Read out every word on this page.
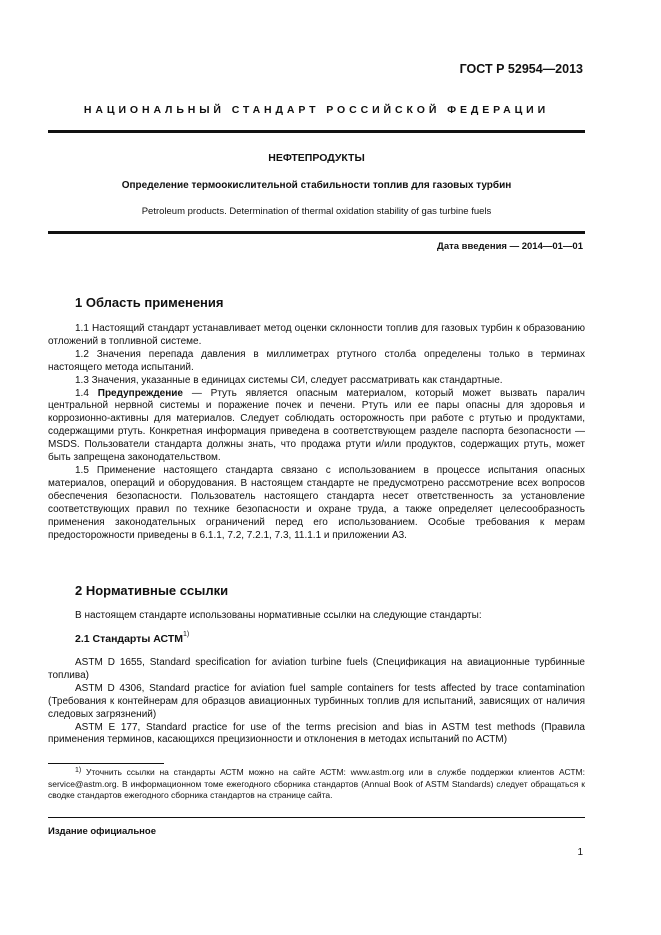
ГОСТ Р 52954—2013
НАЦИОНАЛЬНЫЙ СТАНДАРТ РОССИЙСКОЙ ФЕДЕРАЦИИ
НЕФТЕПРОДУКТЫ
Определение термоокислительной стабильности топлив для газовых турбин
Petroleum products. Determination of thermal oxidation stability of gas turbine fuels
Дата введения — 2014—01—01
1 Область применения

1.1 Настоящий стандарт устанавливает метод оценки склонности топлив для газовых турбин к образованию отложений в топливной системе.

1.2 Значения перепада давления в миллиметрах ртутного столба определены только в терминах настоящего метода испытаний.

1.3 Значения, указанные в единицах системы СИ, следует рассматривать как стандартные.

1.4 Предупреждение — Ртуть является опасным материалом, который может вызвать паралич центральной нервной системы и поражение почек и печени. Ртуть или ее пары опасны для здоровья и коррозионно-активны для материалов. Следует соблюдать осторожность при работе с ртутью и продуктами, содержащими ртуть. Конкретная информация приведена в соответствующем разделе паспорта безопасности — MSDS. Пользователи стандарта должны знать, что продажа ртути и/или продуктов, содержащих ртуть, может быть запрещена законодательством.

1.5 Применение настоящего стандарта связано с использованием в процессе испытания опасных материалов, операций и оборудования. В настоящем стандарте не предусмотрено рассмотрение всех вопросов обеспечения безопасности. Пользователь настоящего стандарта несет ответственность за установление соответствующих правил по технике безопасности и охране труда, а также определяет целесообразность применения законодательных ограничений перед его использованием. Особые требования к мерам предосторожности приведены в 6.1.1, 7.2, 7.2.1, 7.3, 11.1.1 и приложении А3.

2 Нормативные ссылки

В настоящем стандарте использованы нормативные ссылки на следующие стандарты:

2.1 Стандарты АСТМ$^{1)}$

ASTM D 1655, Standard specification for aviation turbine fuels (Спецификация на авиационные турбинные топлива)

ASTM D 4306, Standard practice for aviation fuel sample containers for tests affected by trace contamination (Требования к контейнерам для образцов авиационных турбинных топлив для испытаний, зависящих от наличия следовых загрязнений)

ASTM E 177, Standard practice for use of the terms precision and bias in ASTM test methods (Правила применения терминов, касающихся прецизионности и отклонения в методах испытаний по АСТМ)

$^{1)}$ Уточнить ссылки на стандарты АСТМ можно на сайте АСТМ: www.astm.org или в службе поддержки клиентов АСТМ: service@astm.org. В информационном томе ежегодного сборника стандартов (Annual Book of ASTM Standards) следует обращаться к сводке стандартов ежегодного сборника стандартов на странице сайта.
Издание официальное
1
